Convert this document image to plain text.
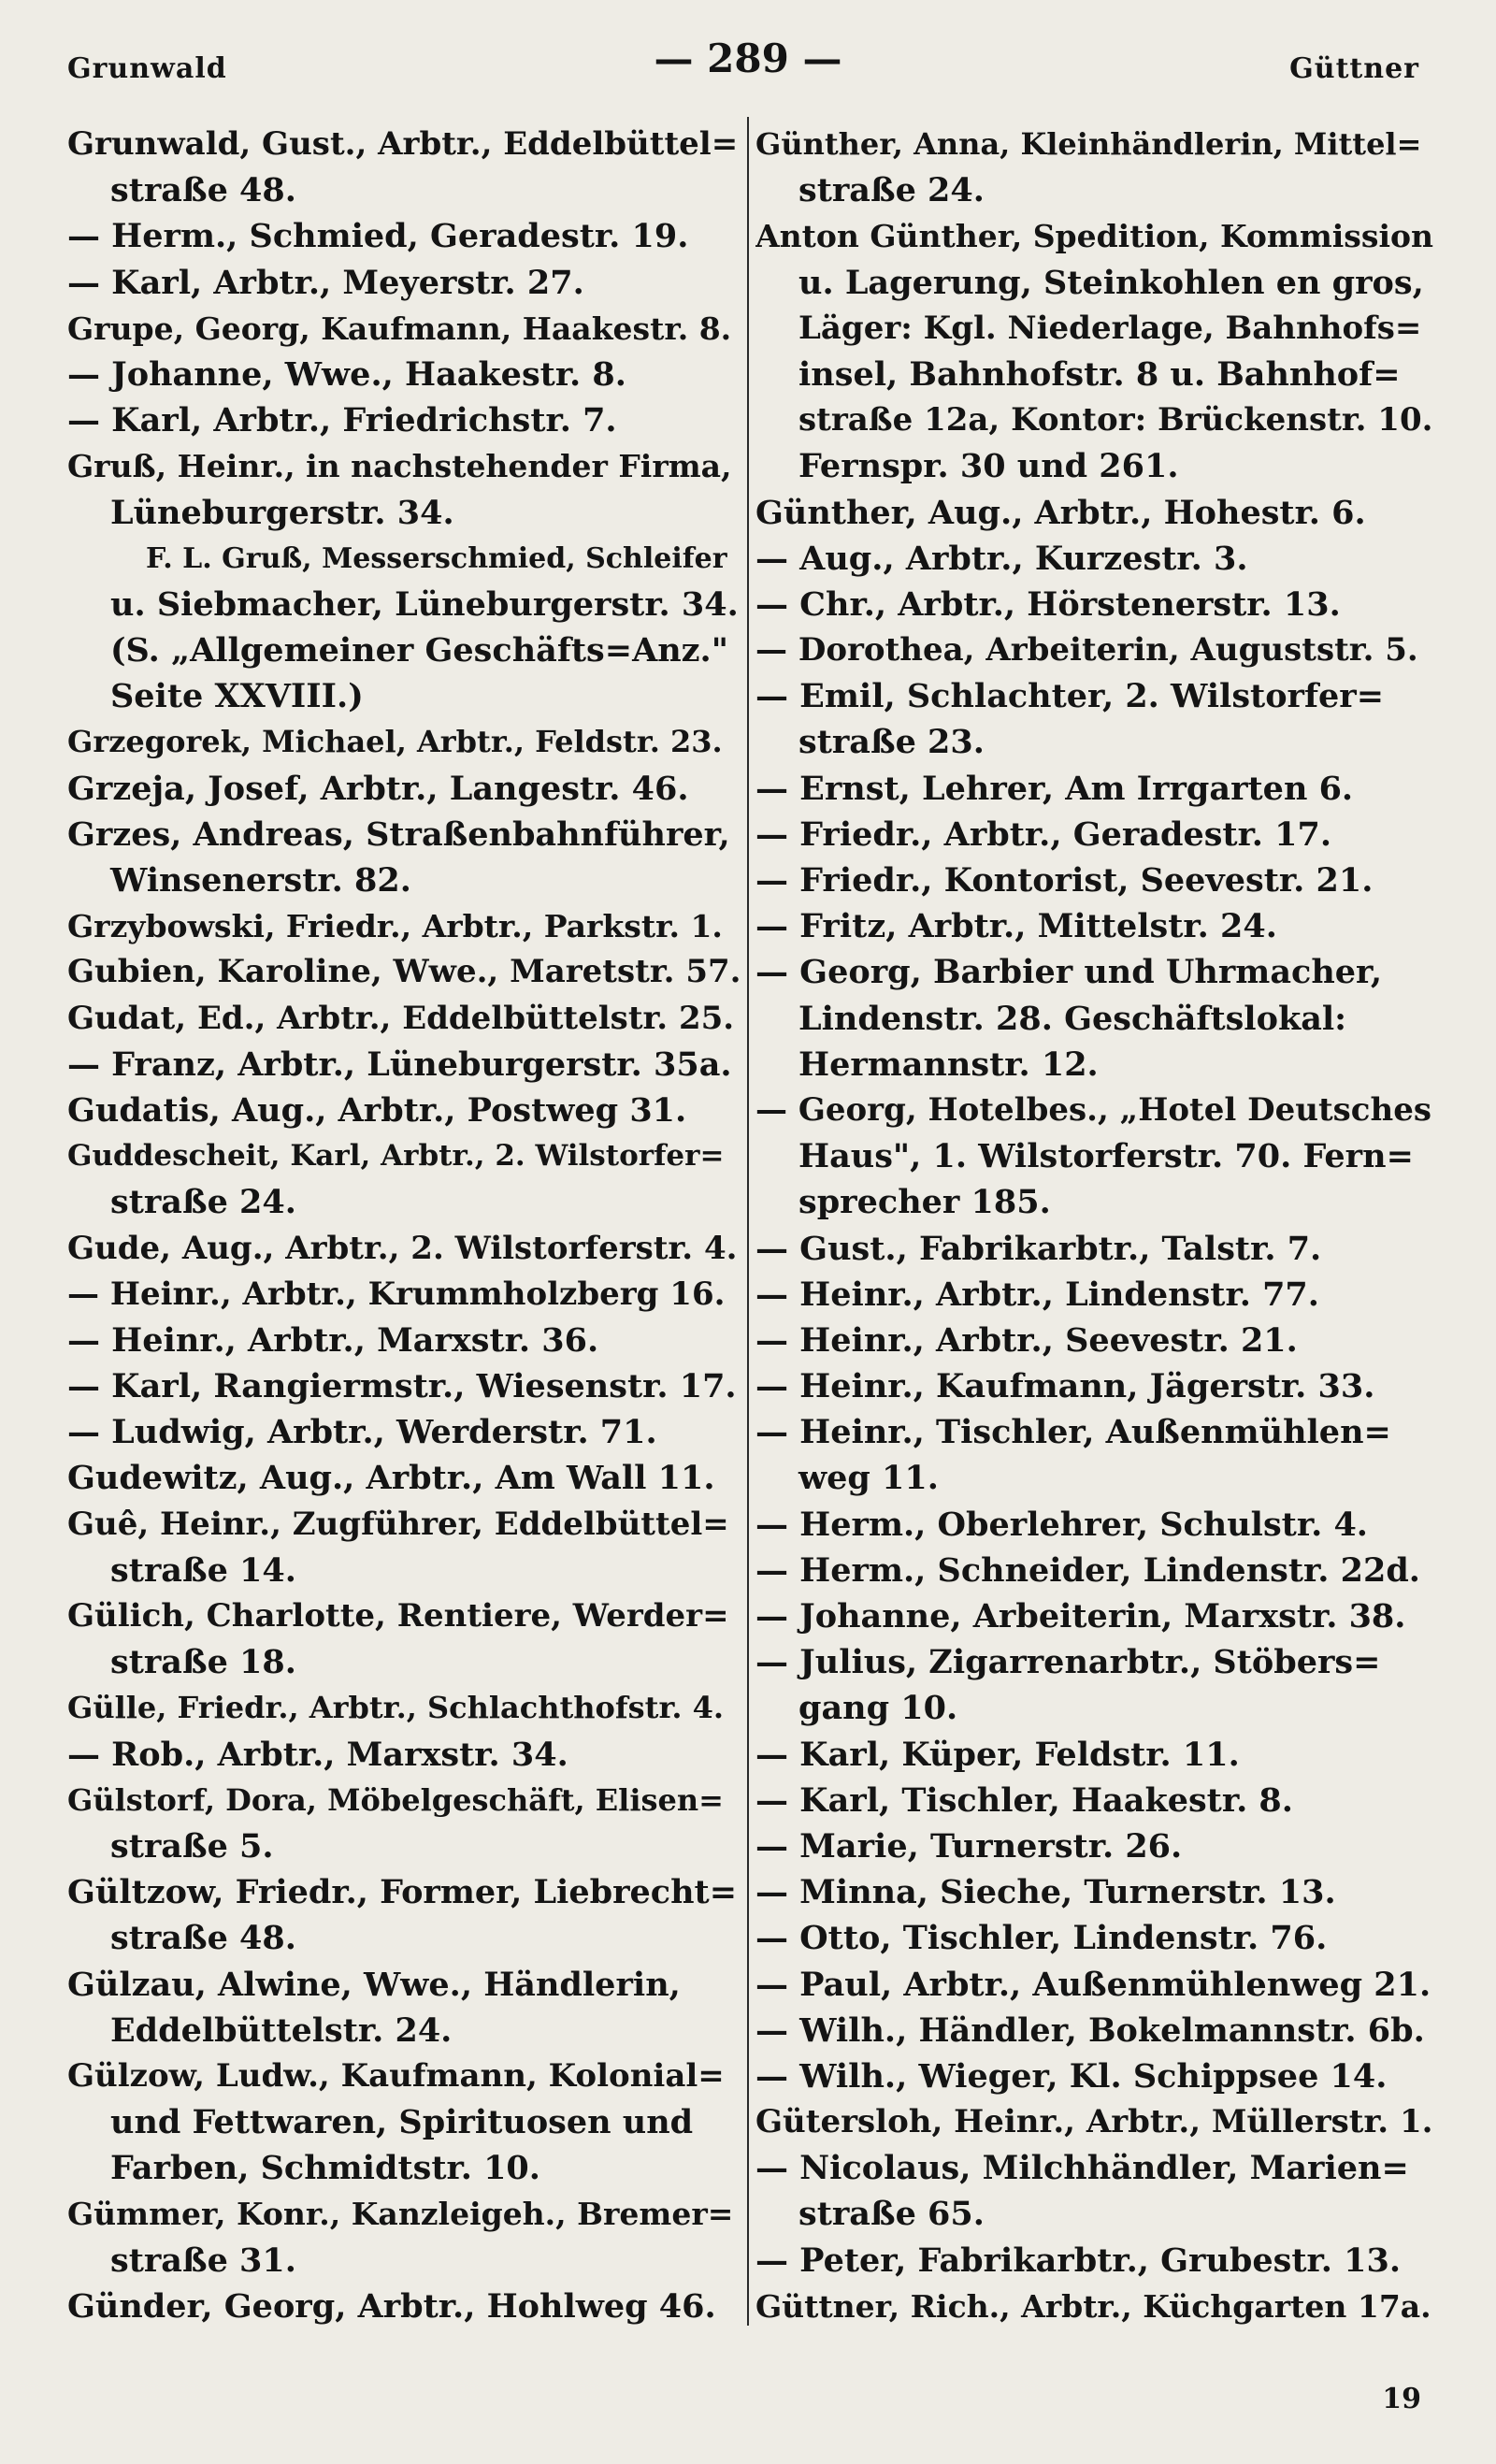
Grunwald	— 289 —	Güttner
Grunwald, Gust., Arbtr., Eddelbüttel=
straße 48.
— Herm., Schmied, Geradestr. 19.
— Karl, Arbtr., Meyerstr. 27.
Grupe, Georg, Kaufmann, Haakestr. 8.
— Johanne, Wwe., Haakestr. 8.
— Karl, Arbtr., Friedrichstr. 7.
Gruß, Heinr., in nachstehender Firma,
Lüneburgerstr. 34.
F. L. Gruß, Messerschmied, Schleifer
u. Siebmacher, Lüneburgerstr. 34.
(S. „Allgemeiner Geschäfts=Anz."
Seite XXVIII.)
Grzegorek, Michael, Arbtr., Feldstr. 23.
Grzeja, Josef, Arbtr., Langestr. 46.
Grzes, Andreas, Straßenbahnführer,
Winsenerstr. 82.
Grzybowski, Friedr., Arbtr., Parkstr. 1.
Gubien, Karoline, Wwe., Maretstr. 57.
Gudat, Ed., Arbtr., Eddelbüttelstr. 25.
— Franz, Arbtr., Lüneburgerstr. 35a.
Gudatis, Aug., Arbtr., Postweg 31.
Guddescheit, Karl, Arbtr., 2. Wilstorfer=
straße 24.
Gude, Aug., Arbtr., 2. Wilstorferstr. 4.
— Heinr., Arbtr., Krummholzberg 16.
— Heinr., Arbtr., Marxstr. 36.
— Karl, Rangiermstr., Wiesenstr. 17.
— Ludwig, Arbtr., Werderstr. 71.
Gudewitz, Aug., Arbtr., Am Wall 11.
Guê, Heinr., Zugführer, Eddelbüttel=
straße 14.
Gülich, Charlotte, Rentiere, Werder=
straße 18.
Gülle, Friedr., Arbtr., Schlachthofstr. 4.
— Rob., Arbtr., Marxstr. 34.
Gülstorf, Dora, Möbelgeschäft, Elisen=
straße 5.
Gültzow, Friedr., Former, Liebrecht=
straße 48.
Gülzau, Alwine, Wwe., Händlerin,
Eddelbüttelstr. 24.
Gülzow, Ludw., Kaufmann, Kolonial=
und Fettwaren, Spirituosen und
Farben, Schmidtstr. 10.
Gümmer, Konr., Kanzleigeh., Bremer=
straße 31.
Günder, Georg, Arbtr., Hohlweg 46.
Günther, Anna, Kleinhändlerin, Mittel=
straße 24.
Anton Günther, Spedition, Kommission
u. Lagerung, Steinkohlen en gros,
Läger: Kgl. Niederlage, Bahnhofs=
insel, Bahnhofstr. 8 u. Bahnhof=
straße 12a, Kontor: Brückenstr. 10.
Fernspr. 30 und 261.
Günther, Aug., Arbtr., Hohestr. 6.
— Aug., Arbtr., Kurzestr. 3.
— Chr., Arbtr., Hörstenerstr. 13.
— Dorothea, Arbeiterin, Auguststr. 5.
— Emil, Schlachter, 2. Wilstorfer=
straße 23.
— Ernst, Lehrer, Am Irrgarten 6.
— Friedr., Arbtr., Geradestr. 17.
— Friedr., Kontorist, Seevestr. 21.
— Fritz, Arbtr., Mittelstr. 24.
— Georg, Barbier und Uhrmacher,
Lindenstr. 28. Geschäftslokal:
Hermannstr. 12.
— Georg, Hotelbes., „Hotel Deutsches
Haus", 1. Wilstorferstr. 70. Fern=
sprecher 185.
— Gust., Fabrikarbtr., Talstr. 7.
— Heinr., Arbtr., Lindenstr. 77.
— Heinr., Arbtr., Seevestr. 21.
— Heinr., Kaufmann, Jägerstr. 33.
— Heinr., Tischler, Außenmühlen=
weg 11.
— Herm., Oberlehrer, Schulstr. 4.
— Herm., Schneider, Lindenstr. 22d.
— Johanne, Arbeiterin, Marxstr. 38.
— Julius, Zigarrenarbtr., Stöbers=
gang 10.
— Karl, Küper, Feldstr. 11.
— Karl, Tischler, Haakestr. 8.
— Marie, Turnerstr. 26.
— Minna, Sieche, Turnerstr. 13.
— Otto, Tischler, Lindenstr. 76.
— Paul, Arbtr., Außenmühlenweg 21.
— Wilh., Händler, Bokelmannstr. 6b.
— Wilh., Wieger, Kl. Schippsee 14.
Gütersloh, Heinr., Arbtr., Müllerstr. 1.
— Nicolaus, Milchhändler, Marien=
straße 65.
— Peter, Fabrikarbtr., Grubestr. 13.
Güttner, Rich., Arbtr., Küchgarten 17a.
19
